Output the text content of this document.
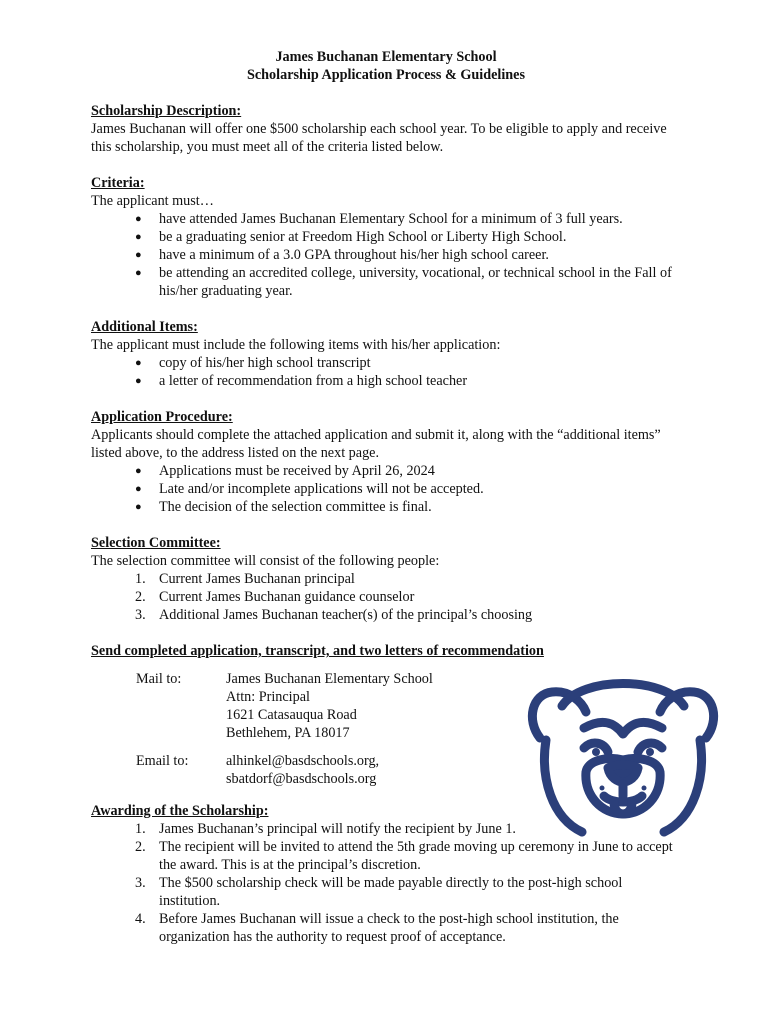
James Buchanan Elementary School

Scholarship Application Process & Guidelines

Scholarship Description:

James Buchanan will offer one $500 scholarship each school year. To be eligible to apply and receive this scholarship, you must meet all of the criteria listed below.

Criteria:

The applicant must…

● have attended James Buchanan Elementary School for a minimum of 3 full years.
● be a graduating senior at Freedom High School or Liberty High School.
● have a minimum of a 3.0 GPA throughout his/her high school career.
● be attending an accredited college, university, vocational, or technical school in the Fall of his/her graduating year.
Additional Items:

The applicant must include the following items with his/her application:

● copy of his/her high school transcript
● a letter of recommendation from a high school teacher
Application Procedure:

Applicants should complete the attached application and submit it, along with the “additional items” listed above, to the address listed on the next page.

● Applications must be received by April 26, 2024
● Late and/or incomplete applications will not be accepted.
● The decision of the selection committee is final.
Selection Committee:

The selection committee will consist of the following people:

1. Current James Buchanan principal
2. Current James Buchanan guidance counselor
3. Additional James Buchanan teacher(s) of the principal’s choosing

Send completed application, transcript, and two letters of recommendation

Mail to:	James Buchanan Elementary School
Attn: Principal
1621 Catasauqua Road
Bethlehem, PA 18017
Email to:	alhinkel@basdschools.org,
sbatdorf@basdschools.org
Awarding of the Scholarship:
1. James Buchanan’s principal will notify the recipient by June 1.
2. The recipient will be invited to attend the 5th grade moving up ceremony in June to accept the award. This is at the principal’s discretion.
3. The $500 scholarship check will be made payable directly to the post-high school institution.
4. Before James Buchanan will issue a check to the post-high school institution, the organization has the authority to request proof of acceptance.
